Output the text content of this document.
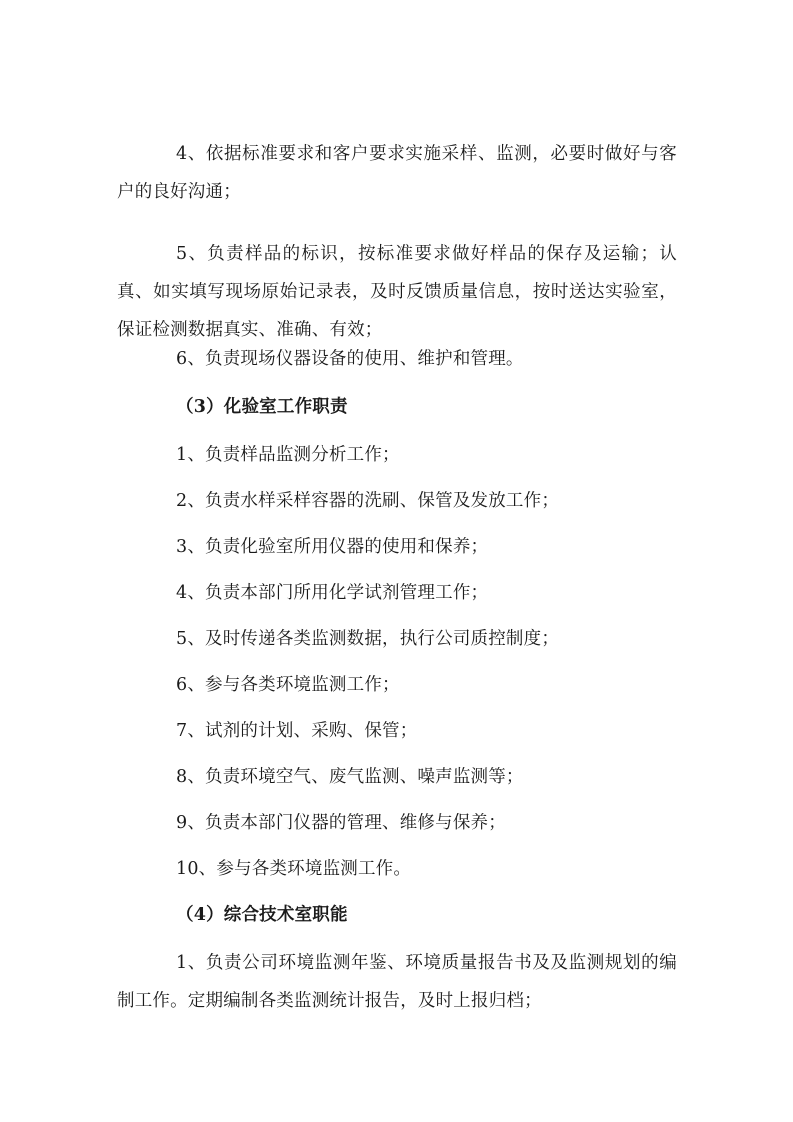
4、依据标准要求和客户要求实施采样、监测，必要时做好与客户的良好沟通；

5、负责样品的标识，按标准要求做好样品的保存及运输；认真、如实填写现场原始记录表，及时反馈质量信息，按时送达实验室，保证检测数据真实、准确、有效；

6、负责现场仪器设备的使用、维护和管理。

（3）化验室工作职责

1、负责样品监测分析工作；

2、负责水样采样容器的洗刷、保管及发放工作；

3、负责化验室所用仪器的使用和保养；

4、负责本部门所用化学试剂管理工作；

5、及时传递各类监测数据，执行公司质控制度；

6、参与各类环境监测工作；

7、试剂的计划、采购、保管；

8、负责环境空气、废气监测、噪声监测等；

9、负责本部门仪器的管理、维修与保养；

10、参与各类环境监测工作。

（4）综合技术室职能

1、负责公司环境监测年鉴、环境质量报告书及及监测规划的编制工作。定期编制各类监测统计报告，及时上报归档；
